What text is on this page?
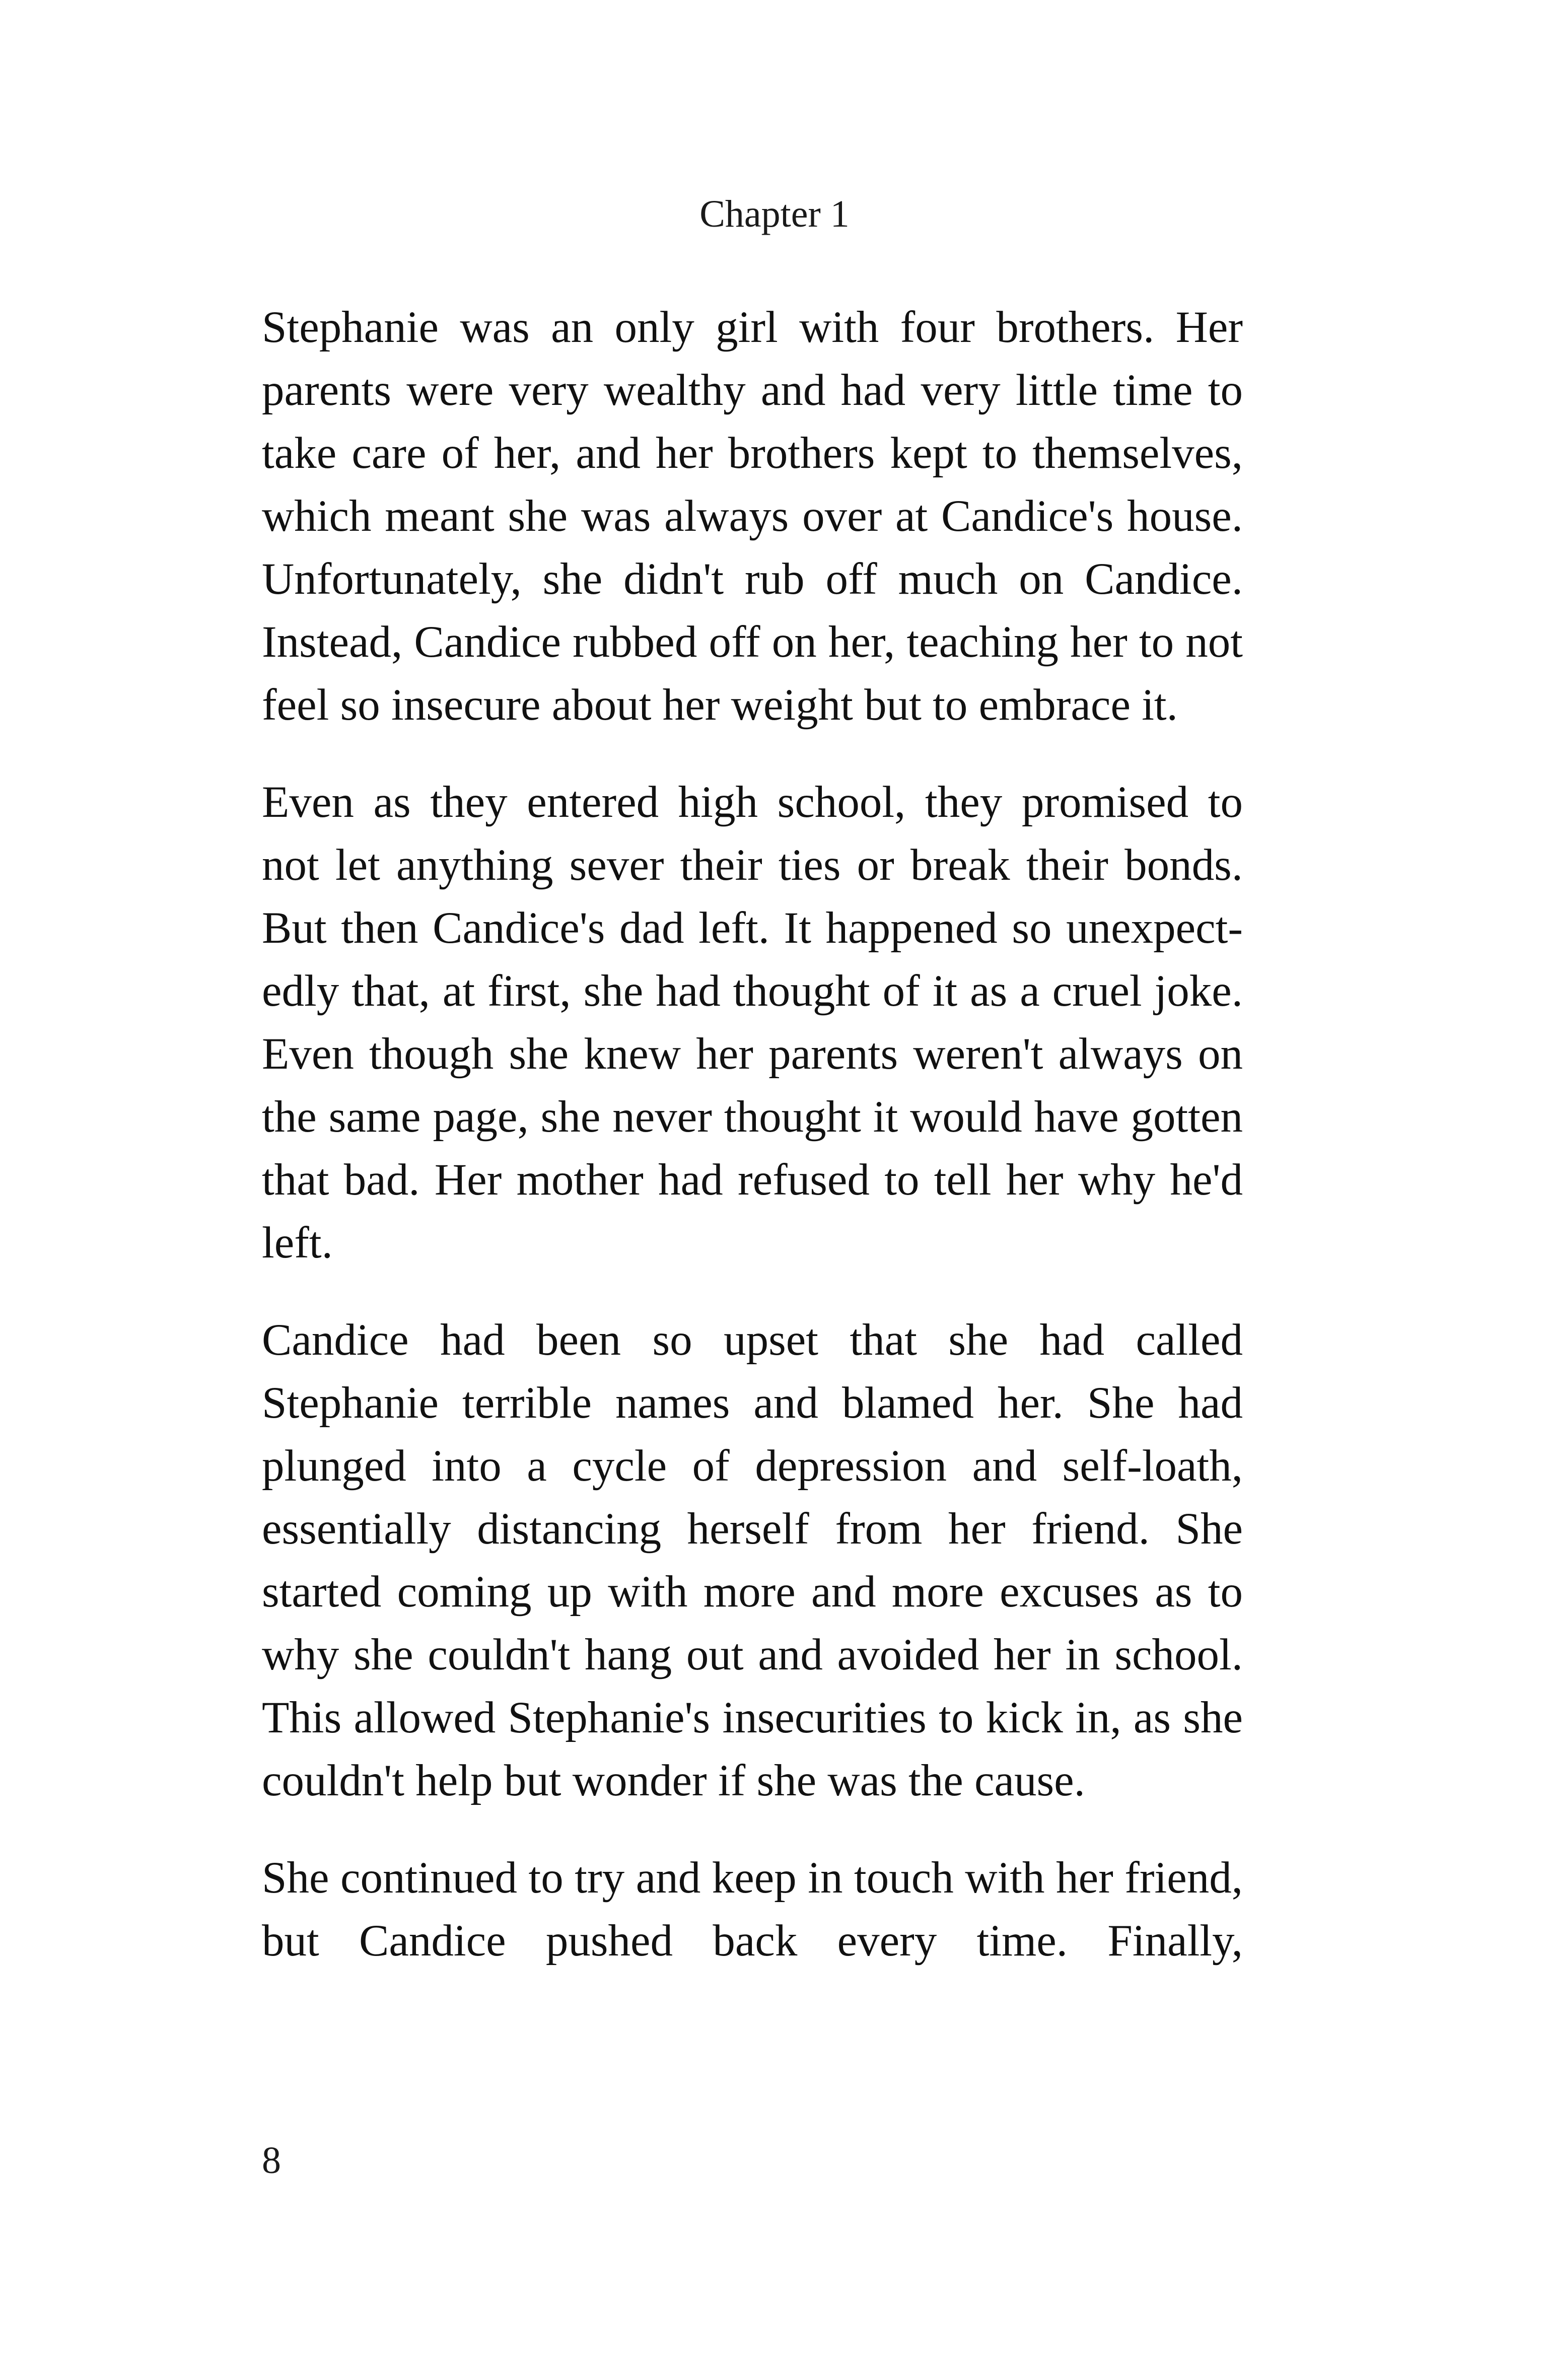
Chapter 1

Stephanie was an only girl with four brothers. Her parents were very wealthy and had very little time to take care of her, and her brothers kept to themselves, which meant she was always over at Candice's house. Unfortunately, she didn't rub off much on Candice. Instead, Candice rubbed off on her, teaching her to not feel so insecure about her weight but to embrace it.

Even as they entered high school, they promised to not let anything sever their ties or break their bonds. But then Candice's dad left. It happened so unexpectedly that, at first, she had thought of it as a cruel joke. Even though she knew her parents weren't always on the same page, she never thought it would have gotten that bad. Her mother had refused to tell her why he'd left.

Candice had been so upset that she had called Stephanie terrible names and blamed her. She had plunged into a cycle of depression and self-loath, essentially distancing herself from her friend. She started coming up with more and more excuses as to why she couldn't hang out and avoided her in school. This allowed Stephanie's insecurities to kick in, as she couldn't help but wonder if she was the cause.

She continued to try and keep in touch with her friend, but Candice pushed back every time. Finally,

8
